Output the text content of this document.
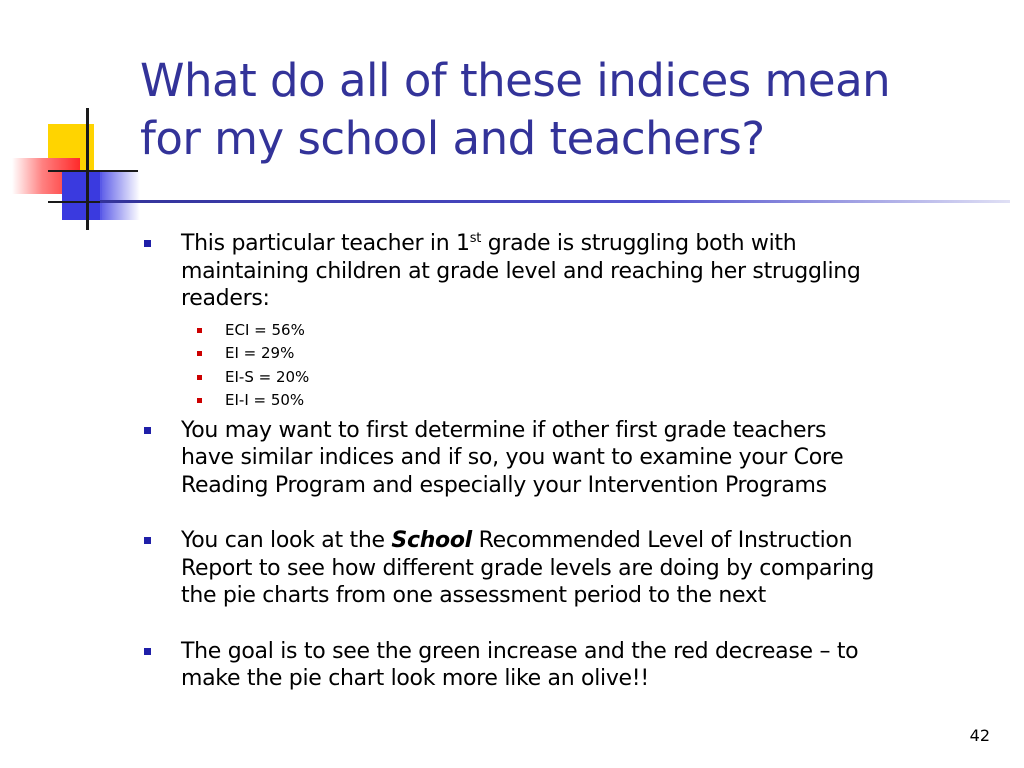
What do all of these indices mean
for my school and teachers?
This particular teacher in 1st grade is struggling both with
maintaining children at grade level and reaching her struggling
readers:
ECI = 56%
EI = 29%
EI-S = 20%
EI-I = 50%
You may want to first determine if other first grade teachers
have similar indices and if so, you want to examine your Core
Reading Program and especially your Intervention Programs
You can look at the School Recommended Level of Instruction
Report to see how different grade levels are doing by comparing
the pie charts from one assessment period to the next
The goal is to see the green increase and the red decrease – to
make the pie chart look more like an olive!!
42
